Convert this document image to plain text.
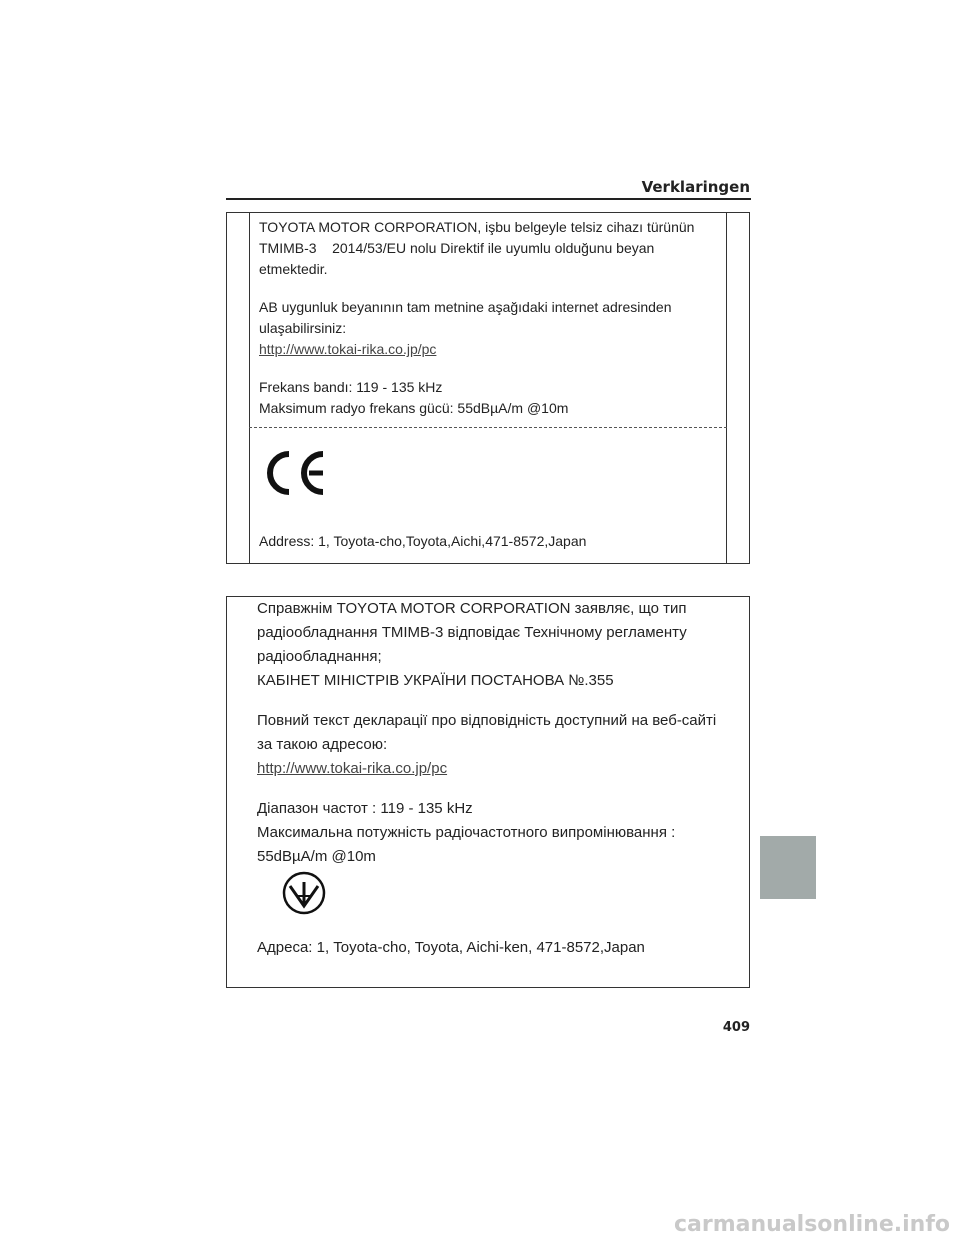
Verklaringen

TOYOTA MOTOR CORPORATION, işbu belgeyle telsiz cihazı türünün

TMIMB-3    2014/53/EU nolu Direktif ile uyumlu olduğunu beyan

etmektedir.

AB uygunluk beyanının tam metnine aşağıdaki internet adresinden

ulaşabilirsiniz:

http://www.tokai-rika.co.jp/pc

Frekans bandı: 119 - 135 kHz

Maksimum radyo frekans gücü: 55dBµA/m @10m

Address: 1, Toyota-cho,Toyota,Aichi,471-8572,Japan

Справжнім TOYOTA MOTOR CORPORATION заявляє, що тип

радіообладнання TMIMB-3 відповідає Технічному регламенту

радіообладнання;

КАБІНЕТ МІНІСТРІВ УКРАЇНИ ПОСТАНОВА №.355

Повний текст декларації про відповідність доступний на веб-сайті

за такою адресою:

http://www.tokai-rika.co.jp/pc

Діапазон частот : 119 - 135 kHz

Максимальна потужність радіочастотного випромінювання :

55dBµA/m @10m

Адреса: 1, Toyota-cho, Toyota, Aichi-ken, 471-8572,Japan
409
carmanualsonline.info
